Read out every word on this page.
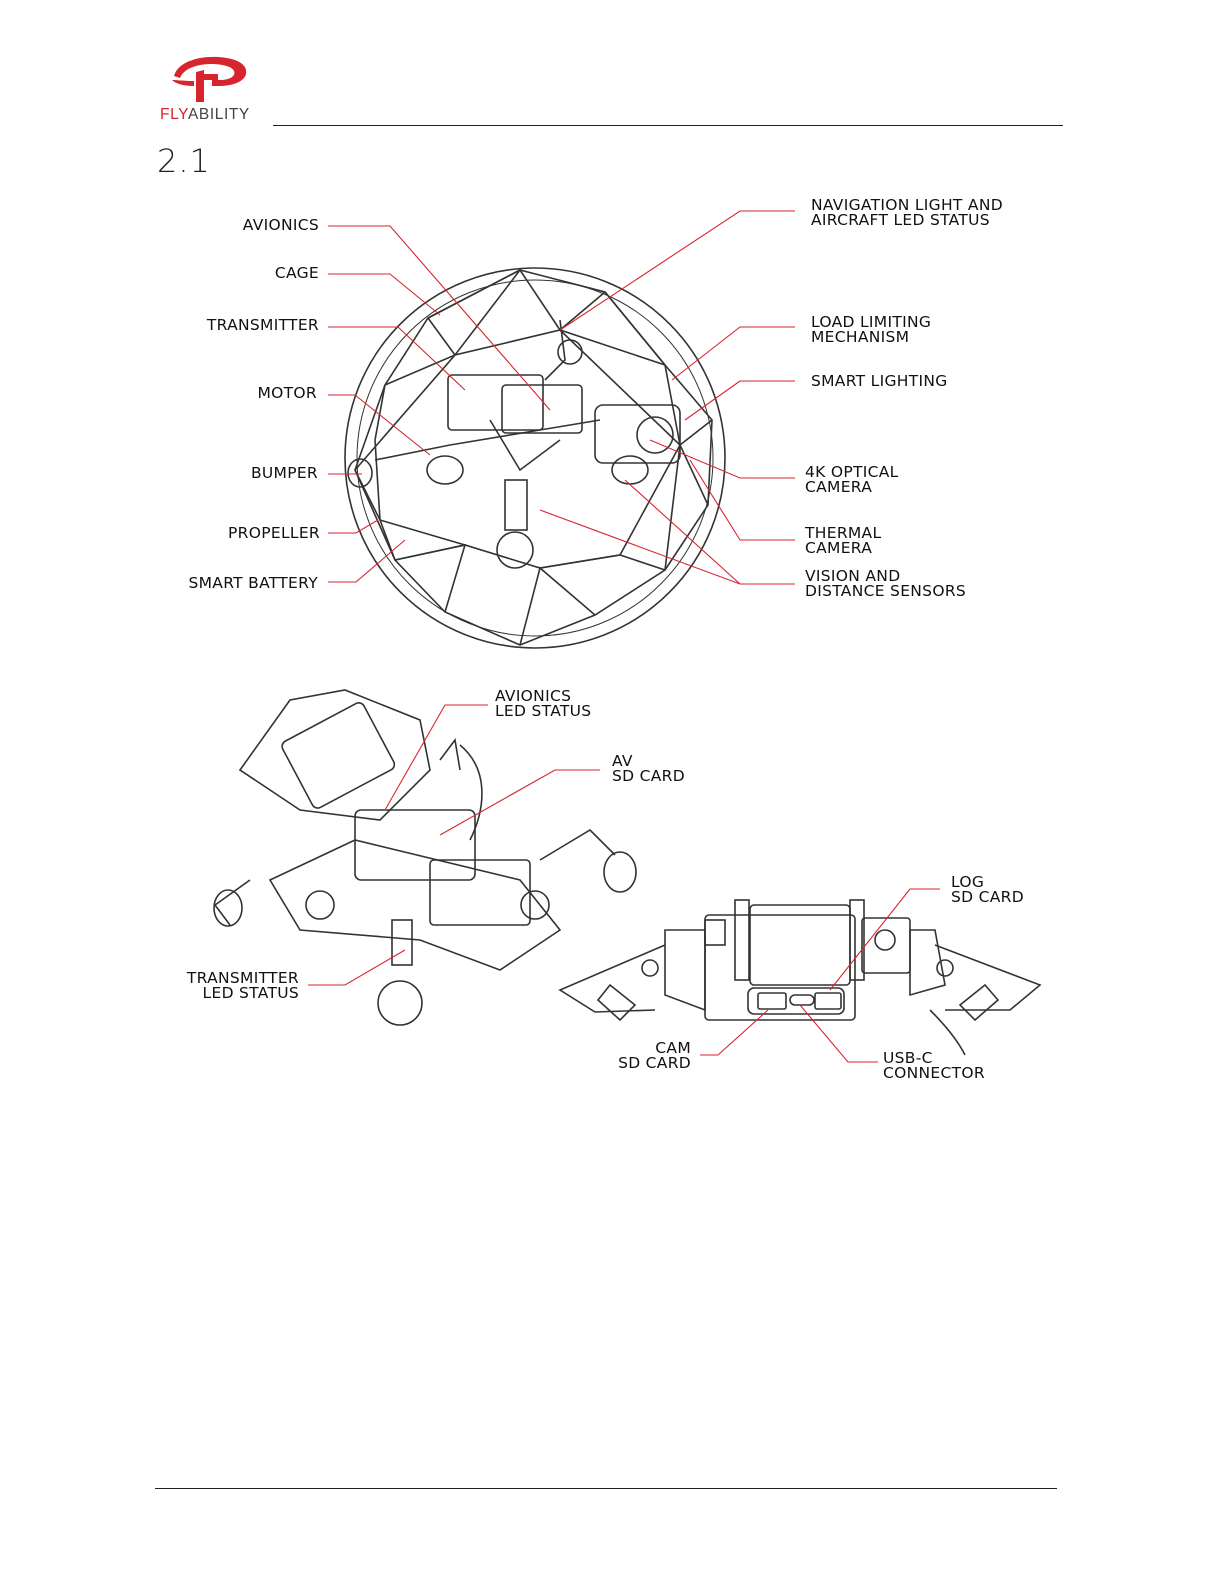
FLYABILITY
2.1
AVIONICS
CAGE
TRANSMITTER
MOTOR
BUMPER
PROPELLER
SMART BATTERY
NAVIGATION LIGHT AND
AIRCRAFT LED STATUS
LOAD LIMITING
MECHANISM
SMART LIGHTING
4K OPTICAL
CAMERA
THERMAL
CAMERA
VISION AND
DISTANCE SENSORS
AVIONICS
LED STATUS
AV
SD CARD
TRANSMITTER
LED STATUS
LOG
SD CARD
CAM
SD CARD	USB-C
CONNECTOR
